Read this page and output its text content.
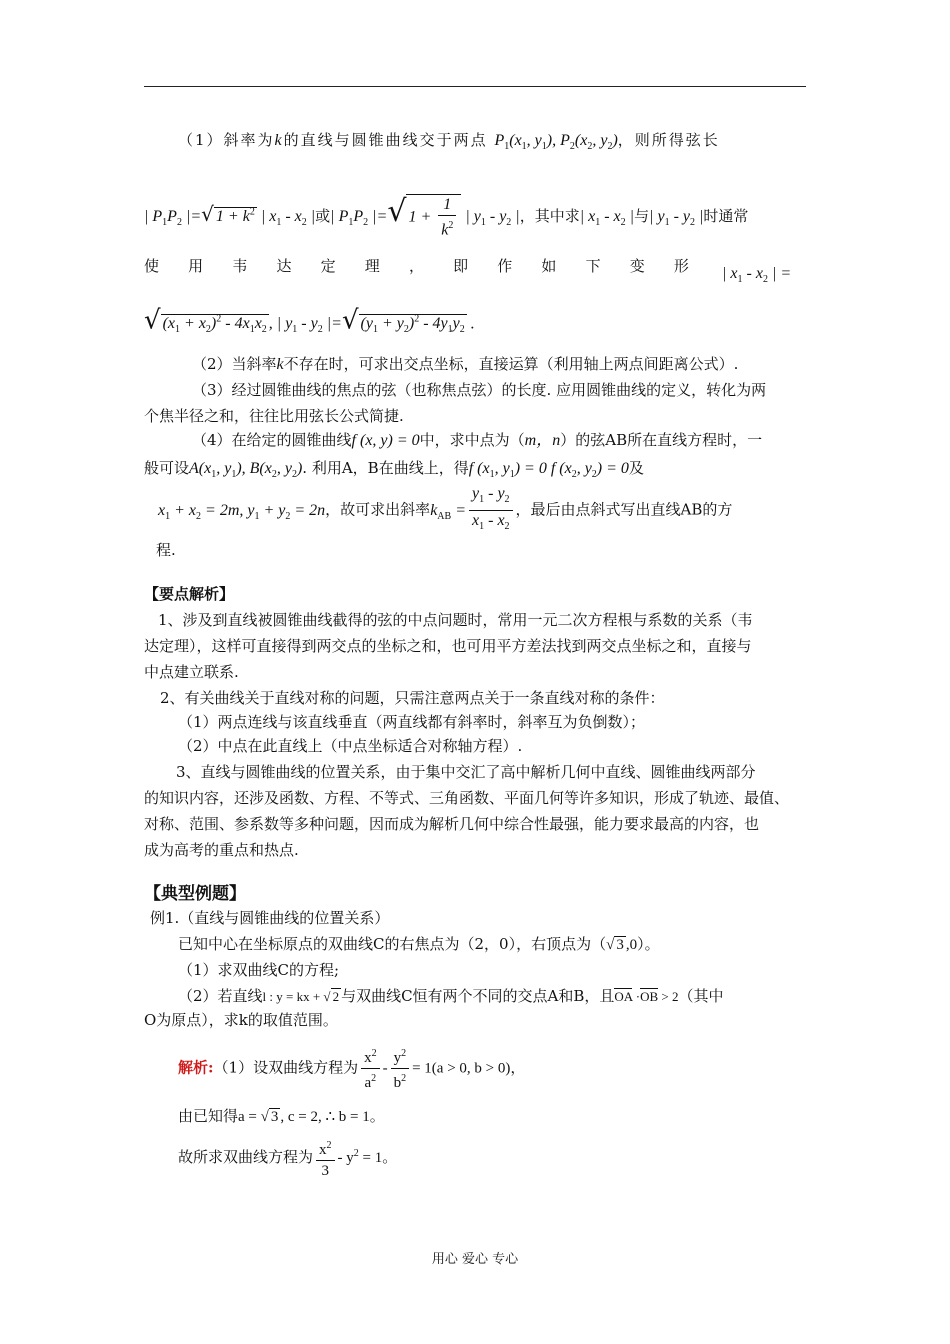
（1）斜率为k的直线与圆锥曲线交于两点 $P_1(x_1$, $y_1$), $P_2(x_2$, $y_2$)，则所得弦长
| $P_1P_2$ |=√ $1 + k^2$ | $x_1 - x_2$ |或| $P_1P_2$ |=√ $1 + \frac{1}{k^2}$ | $y_1 - y_2$ |，其中求| $x_1 - x_2$ |与| $y_1 - y_2$ |时通常
使 用 韦 达 定 理 ， 即 作 如 下 变 形 | $x_1 - x_2$ | =
√ $(x_1 + x_2)^2 - 4x_1x_2$ , | $y_1 - y_2$ |=√ $(y_1 + y_2)^2 - 4y_1y_2$ .
（2）当斜率k不存在时，可求出交点坐标，直接运算（利用轴上两点间距离公式）.
（3）经过圆锥曲线的焦点的弦（也称焦点弦）的长度. 应用圆锥曲线的定义，转化为两
个焦半径之和，往往比用弦长公式简捷.
（4）在给定的圆锥曲线f (x, y) = 0中，求中点为（m，n）的弦AB所在直线方程时，一
般可设$A(x_1$, $y_1$), $B(x_2$, $y_2$). 利用A，B在曲线上，得f ($x_1$, $y_1) = 0$ f ($x_2$, $y_2) = 0$及
$x_1 + x_2 = 2m$, $y_1 + y_2 = 2n$，故可求出斜率$k_{AB} = \frac{y_1 - y_2}{x_1 - x_2}$ ，最后由点斜式写出直线AB的方
程.
【要点解析】
1、涉及到直线被圆锥曲线截得的弦的中点问题时，常用一元二次方程根与系数的关系（韦
达定理），这样可直接得到两交点的坐标之和，也可用平方差法找到两交点坐标之和，直接与
中点建立联系.
2、有关曲线关于直线对称的问题，只需注意两点关于一条直线对称的条件：
（1）两点连线与该直线垂直（两直线都有斜率时，斜率互为负倒数）；
（2）中点在此直线上（中点坐标适合对称轴方程）.
3、直线与圆锥曲线的位置关系，由于集中交汇了高中解析几何中直线、圆锥曲线两部分
的知识内容，还涉及函数、方程、不等式、三角函数、平面几何等许多知识，形成了轨迹、最值、
对称、范围、参系数等多种问题，因而成为解析几何中综合性最强，能力要求最高的内容，也
成为高考的重点和热点.
【典型例题】
例1.（直线与圆锥曲线的位置关系）
已知中心在坐标原点的双曲线C的右焦点为（2，0），右顶点为（√ 3 ,0）。
（1）求双曲线C的方程;
（2）若直线l : y = kx + √ 2 与双曲线C恒有两个不同的交点A和B，且OA ·OB > 2（其中
O为原点），求k的取值范围。
解析:（1）设双曲线方程为 $\frac{x^2}{a^2} - \frac{y^2}{b^2} = 1(a > 0$, b > 0)，
由已知得a = √ 3 , c = 2, ∴ b = 1。
故所求双曲线方程为 $\frac{x^2}{3} - y^2 = 1$。
用心 爱心 专心
